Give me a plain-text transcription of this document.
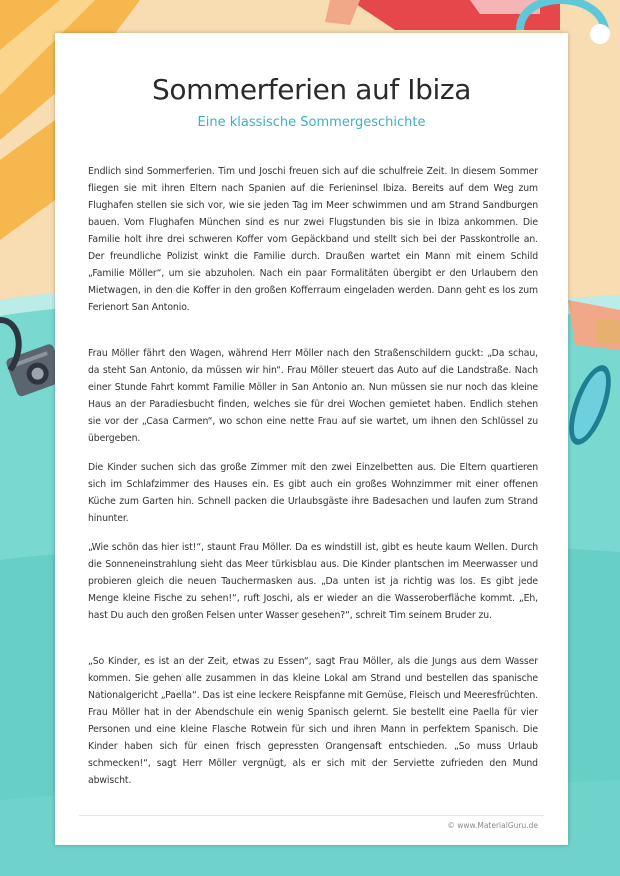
Sommerferien auf Ibiza
Eine klassische Sommergeschichte
Endlich sind Sommerferien. Tim und Joschi freuen sich auf die schulfreie Zeit. In diesem Sommer fliegen sie mit ihren Eltern nach Spanien auf die Ferieninsel Ibiza. Bereits auf dem Weg zum Flughafen stellen sie sich vor, wie sie jeden Tag im Meer schwimmen und am Strand Sandburgen bauen. Vom Flughafen München sind es nur zwei Flugstunden bis sie in Ibiza ankommen. Die Familie holt ihre drei schweren Koffer vom Gepäckband und stellt sich bei der Passkontrolle an. Der freundliche Polizist winkt die Familie durch. Draußen wartet ein Mann mit einem Schild „Familie Möller“, um sie abzuholen. Nach ein paar Formalitäten übergibt er den Urlaubern den Mietwagen, in den die Koffer in den großen Kofferraum eingeladen werden. Dann geht es los zum Ferienort San Antonio.
Frau Möller fährt den Wagen, während Herr Möller nach den Straßenschildern guckt: „Da schau, da steht San Antonio, da müssen wir hin“. Frau Möller steuert das Auto auf die Landstraße. Nach einer Stunde Fahrt kommt Familie Möller in San Antonio an. Nun müssen sie nur noch das kleine Haus an der Paradiesbucht finden, welches sie für drei Wochen gemietet haben. Endlich stehen sie vor der „Casa Carmen“, wo schon eine nette Frau auf sie wartet, um ihnen den Schlüssel zu übergeben.
Die Kinder suchen sich das große Zimmer mit den zwei Einzelbetten aus. Die Eltern quartieren sich im Schlafzimmer des Hauses ein. Es gibt auch ein großes Wohnzimmer mit einer offenen Küche zum Garten hin. Schnell packen die Urlaubsgäste ihre Badesachen und laufen zum Strand hinunter.
„Wie schön das hier ist!“, staunt Frau Möller. Da es windstill ist, gibt es heute kaum Wellen. Durch die Sonneneinstrahlung sieht das Meer türkisblau aus. Die Kinder plantschen im Meerwasser und probieren gleich die neuen Tauchermasken aus. „Da unten ist ja richtig was los. Es gibt jede Menge kleine Fische zu sehen!“, ruft Joschi, als er wieder an die Wasseroberfläche kommt. „Eh, hast Du auch den großen Felsen unter Wasser gesehen?“, schreit Tim seinem Bruder zu.
„So Kinder, es ist an der Zeit, etwas zu Essen“, sagt Frau Möller, als die Jungs aus dem Wasser kommen. Sie gehen alle zusammen in das kleine Lokal am Strand und bestellen das spanische Nationalgericht „Paella“. Das ist eine leckere Reispfanne mit Gemüse, Fleisch und Meeresfrüchten. Frau Möller hat in der Abendschule ein wenig Spanisch gelernt. Sie bestellt eine Paella für vier Personen und eine kleine Flasche Rotwein für sich und ihren Mann in perfektem Spanisch. Die Kinder haben sich für einen frisch gepressten Orangensaft entschieden. „So muss Urlaub schmecken!“, sagt Herr Möller vergnügt, als er sich mit der Serviette zufrieden den Mund abwischt.
© www.MaterialGuru.de
